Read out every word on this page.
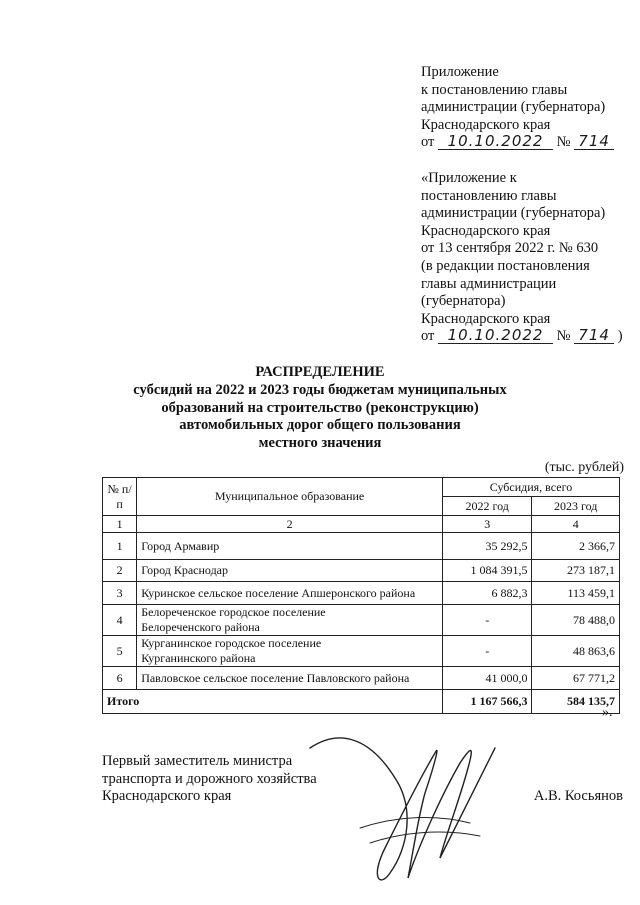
Приложение
к постановлению главы
администрации (губернатора)
Краснодарского края
от 10.10.2022 № 714
«Приложение к
постановлению главы
администрации (губернатора)
Краснодарского края
от 13 сентября 2022 г. № 630
(в редакции постановления
главы администрации
(губернатора)
Краснодарского края
от 10.10.2022 № 714 )
РАСПРЕДЕЛЕНИЕ
субсидий на 2022 и 2023 годы бюджетам муниципальных
образований на строительство (реконструкцию)
автомобильных дорог общего пользования
местного значения
(тыс. рублей)
№ п/п	Муниципальное образование	Субсидия, всего	
		2022 год	2023 год
1	2	3	4
1	Город Армавир	35 292,5	2 366,7
2	Город Краснодар	1 084 391,5	273 187,1
3	Куринское сельское поселение Апшеронского района	6 882,3	113 459,1
4	Белореченское городское поселение
Белореченского района	-	78 488,0
5	Курганинское городское поселение
Курганинского района	-	48 863,6
6	Павловское сельское поселение Павловского района	41 000,0	67 771,2
Итого		1 167 566,3	584 135,7
».
Первый заместитель министра
транспорта и дорожного хозяйства
Краснодарского края	А.В. Косьянов
